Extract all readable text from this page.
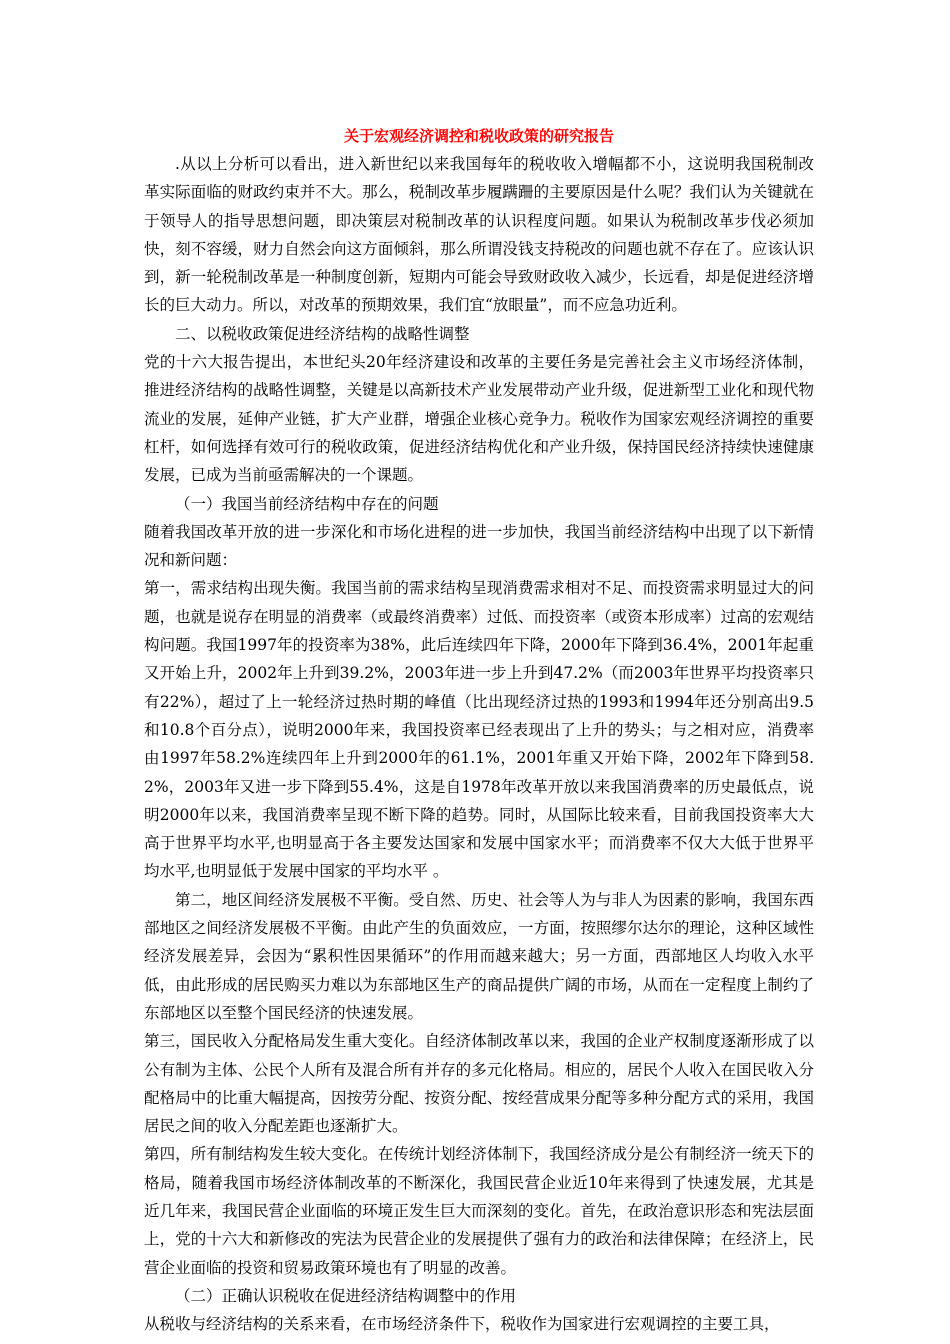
关于宏观经济调控和税收政策的研究报告

.从以上分析可以看出，进入新世纪以来我国每年的税收收入增幅都不小，这说明我国税制改革实际面临的财政约束并不大。那么，税制改革步履蹒跚的主要原因是什么呢？我们认为关键就在于领导人的指导思想问题，即决策层对税制改革的认识程度问题。如果认为税制改革步伐必须加快，刻不容缓，财力自然会向这方面倾斜，那么所谓没钱支持税改的问题也就不存在了。应该认识到，新一轮税制改革是一种制度创新，短期内可能会导致财政收入减少，长远看，却是促进经济增长的巨大动力。所以，对改革的预期效果，我们宜“放眼量”，而不应急功近利。

二、以税收政策促进经济结构的战略性调整

党的十六大报告提出，本世纪头20年经济建设和改革的主要任务是完善社会主义市场经济体制，推进经济结构的战略性调整，关键是以高新技术产业发展带动产业升级，促进新型工业化和现代物流业的发展，延伸产业链，扩大产业群，增强企业核心竞争力。税收作为国家宏观经济调控的重要杠杆，如何选择有效可行的税收政策，促进经济结构优化和产业升级，保持国民经济持续快速健康发展，已成为当前亟需解决的一个课题。

（一）我国当前经济结构中存在的问题

随着我国改革开放的进一步深化和市场化进程的进一步加快，我国当前经济结构中出现了以下新情况和新问题：

第一，需求结构出现失衡。我国当前的需求结构呈现消费需求相对不足、而投资需求明显过大的问题，也就是说存在明显的消费率（或最终消费率）过低、而投资率（或资本形成率）过高的宏观结构问题。我国1997年的投资率为38%，此后连续四年下降，2000年下降到36.4%，2001年起重又开始上升，2002年上升到39.2%，2003年进一步上升到47.2%（而2003年世界平均投资率只有22%），超过了上一轮经济过热时期的峰值（比出现经济过热的1993和1994年还分别高出9.5和10.8个百分点），说明2000年来，我国投资率已经表现出了上升的势头；与之相对应，消费率由1997年58.2%连续四年上升到2000年的61.1%，2001年重又开始下降，2002年下降到58.2%，2003年又进一步下降到55.4%，这是自1978年改革开放以来我国消费率的历史最低点，说明2000年以来，我国消费率呈现不断下降的趋势。同时，从国际比较来看，目前我国投资率大大高于世界平均水平,也明显高于各主要发达国家和发展中国家水平；而消费率不仅大大低于世界平均水平,也明显低于发展中国家的平均水平 。

第二，地区间经济发展极不平衡。受自然、历史、社会等人为与非人为因素的影响，我国东西部地区之间经济发展极不平衡。由此产生的负面效应，一方面，按照缪尔达尔的理论，这种区域性经济发展差异，会因为“累积性因果循环”的作用而越来越大；另一方面，西部地区人均收入水平低，由此形成的居民购买力难以为东部地区生产的商品提供广阔的市场，从而在一定程度上制约了东部地区以至整个国民经济的快速发展。

第三，国民收入分配格局发生重大变化。自经济体制改革以来，我国的企业产权制度逐渐形成了以公有制为主体、公民个人所有及混合所有并存的多元化格局。相应的，居民个人收入在国民收入分配格局中的比重大幅提高，因按劳分配、按资分配、按经营成果分配等多种分配方式的采用，我国居民之间的收入分配差距也逐渐扩大。

第四，所有制结构发生较大变化。在传统计划经济体制下，我国经济成分是公有制经济一统天下的格局，随着我国市场经济体制改革的不断深化，我国民营企业近10年来得到了快速发展，尤其是近几年来，我国民营企业面临的环境正发生巨大而深刻的变化。首先，在政治意识形态和宪法层面上，党的十六大和新修改的宪法为民营企业的发展提供了强有力的政治和法律保障；在经济上，民营企业面临的投资和贸易政策环境也有了明显的改善。

（二）正确认识税收在促进经济结构调整中的作用

从税收与经济结构的关系来看，在市场经济条件下，税收作为国家进行宏观调控的主要工具，
